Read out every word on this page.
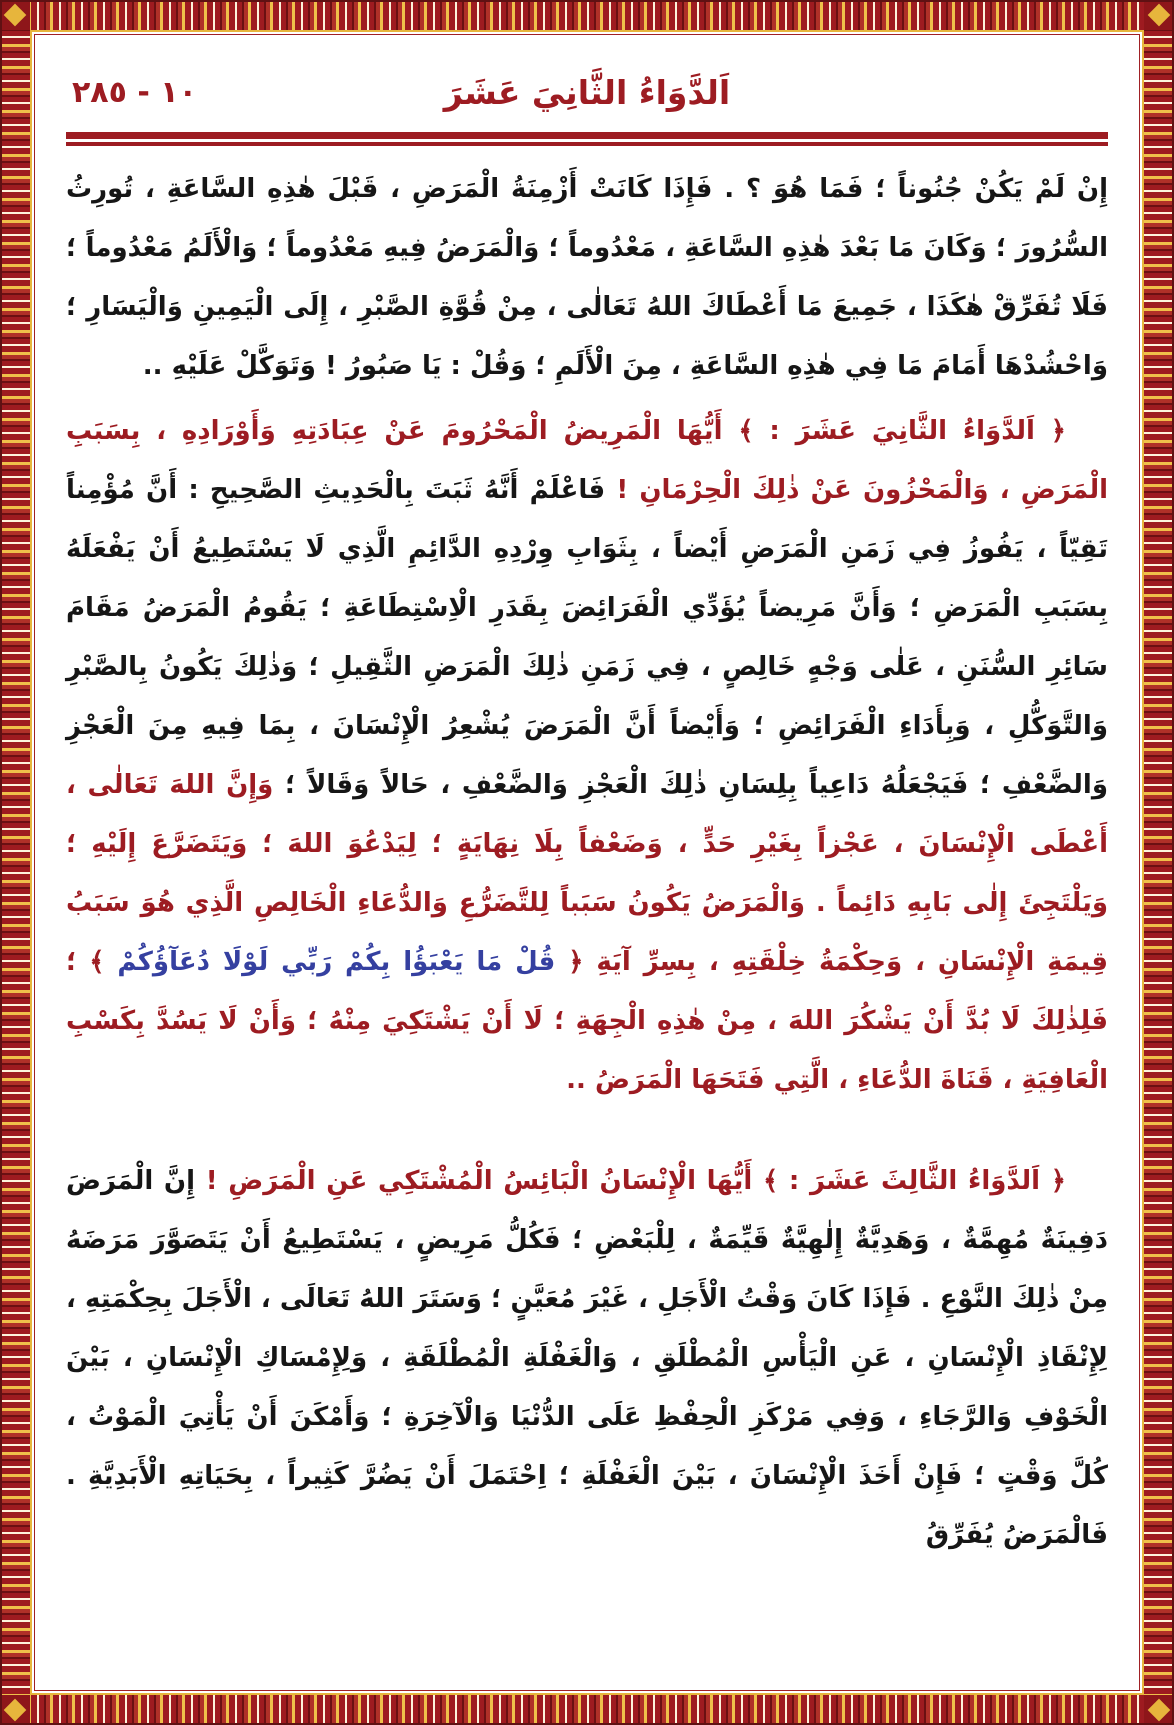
١٠ - ٢٨٥	اَلدَّوَاءُ الثَّانِيَ عَشَرَ

إِنْ لَمْ يَكُنْ جُنُوناً ؛ فَمَا هُوَ ؟ . فَإِذَا كَانَتْ أَزْمِنَةُ الْمَرَضِ ، قَبْلَ هٰذِهِ السَّاعَةِ ، تُورِثُ السُّرُورَ ؛ وَكَانَ مَا بَعْدَ هٰذِهِ السَّاعَةِ ، مَعْدُوماً ؛ وَالْمَرَضُ فِيهِ مَعْدُوماً ؛ وَالْأَلَمُ مَعْدُوماً ؛ فَلَا تُفَرِّقْ هٰكَذَا ، جَمِيعَ مَا أَعْطَاكَ اللهُ تَعَالٰى ، مِنْ قُوَّةِ الصَّبْرِ ، إِلَى الْيَمِينِ وَالْيَسَارِ ؛ وَاحْشُدْهَا أَمَامَ مَا فِي هٰذِهِ السَّاعَةِ ، مِنَ الْأَلَمِ ؛ وَقُلْ : يَا صَبُورُ ! وَتَوَكَّلْ عَلَيْهِ ..

﴿ اَلدَّوَاءُ الثَّانِيَ عَشَرَ : ﴾ أَيُّهَا الْمَرِيضُ الْمَحْرُومَ عَنْ عِبَادَتِهِ وَأَوْرَادِهِ ، بِسَبَبِ الْمَرَضِ ، وَالْمَحْزُونَ عَنْ ذٰلِكَ الْحِرْمَانِ ! فَاعْلَمْ أَنَّهُ ثَبَتَ بِالْحَدِيثِ الصَّحِيحِ : أَنَّ مُؤْمِناً تَقِيّاً ، يَفُوزُ فِي زَمَنِ الْمَرَضِ أَيْضاً ، بِثَوَابِ وِرْدِهِ الدَّائِمِ الَّذِي لَا يَسْتَطِيعُ أَنْ يَفْعَلَهُ بِسَبَبِ الْمَرَضِ ؛ وَأَنَّ مَرِيضاً يُؤَدِّي الْفَرَائِضَ بِقَدَرِ الْاِسْتِطَاعَةِ ؛ يَقُومُ الْمَرَضُ مَقَامَ سَائِرِ السُّنَنِ ، عَلٰى وَجْهٍ خَالِصٍ ، فِي زَمَنِ ذٰلِكَ الْمَرَضِ الثَّقِيلِ ؛ وَذٰلِكَ يَكُونُ بِالصَّبْرِ وَالتَّوَكُّلِ ، وَبِأَدَاءِ الْفَرَائِضِ ؛ وَأَيْضاً أَنَّ الْمَرَضَ يُشْعِرُ الْإِنْسَانَ ، بِمَا فِيهِ مِنَ الْعَجْزِ وَالضَّعْفِ ؛ فَيَجْعَلُهُ دَاعِياً بِلِسَانِ ذٰلِكَ الْعَجْزِ وَالضَّعْفِ ، حَالاً وَقَالاً ؛ وَإِنَّ اللهَ تَعَالٰى ، أَعْطَى الْإِنْسَانَ ، عَجْزاً بِغَيْرِ حَدٍّ ، وَضَعْفاً بِلَا نِهَايَةٍ ؛ لِيَدْعُوَ اللهَ ؛ وَيَتَضَرَّعَ إِلَيْهِ ؛ وَيَلْتَجِئَ إِلٰى بَابِهِ دَائِماً . وَالْمَرَضُ يَكُونُ سَبَباً لِلتَّضَرُّعِ وَالدُّعَاءِ الْخَالِصِ الَّذِي هُوَ سَبَبُ قِيمَةِ الْإِنْسَانِ ، وَحِكْمَةُ خِلْقَتِهِ ، بِسِرِّ آيَةِ ﴿ قُلْ مَا يَعْبَؤُا بِكُمْ رَبِّي لَوْلَا دُعَآؤُكُمْ ﴾ ؛ فَلِذٰلِكَ لَا بُدَّ أَنْ يَشْكُرَ اللهَ ، مِنْ هٰذِهِ الْجِهَةِ ؛ لَا أَنْ يَشْتَكِيَ مِنْهُ ؛ وَأَنْ لَا يَسُدَّ بِكَسْبِ الْعَافِيَةِ ، قَنَاةَ الدُّعَاءِ ، الَّتِي فَتَحَهَا الْمَرَضُ ..

﴿ اَلدَّوَاءُ الثَّالِثَ عَشَرَ : ﴾ أَيُّهَا الْإِنْسَانُ الْبَائِسُ الْمُشْتَكِي عَنِ الْمَرَضِ ! إِنَّ الْمَرَضَ دَفِينَةٌ مُهِمَّةٌ ، وَهَدِيَّةٌ إِلٰهِيَّةٌ قَيِّمَةٌ ، لِلْبَعْضِ ؛ فَكُلُّ مَرِيضٍ ، يَسْتَطِيعُ أَنْ يَتَصَوَّرَ مَرَضَهُ مِنْ ذٰلِكَ النَّوْعِ . فَإِذَا كَانَ وَقْتُ الْأَجَلِ ، غَيْرَ مُعَيَّنٍ ؛ وَسَتَرَ اللهُ تَعَالَى ، الْأَجَلَ بِحِكْمَتِهِ ، لِإِنْقَاذِ الْإِنْسَانِ ، عَنِ الْيَأْسِ الْمُطْلَقِ ، وَالْغَفْلَةِ الْمُطْلَقَةِ ، وَلِإِمْسَاكِ الْإِنْسَانِ ، بَيْنَ الْخَوْفِ وَالرَّجَاءِ ، وَفِي مَرْكَزِ الْحِفْظِ عَلَى الدُّنْيَا وَالْآخِرَةِ ؛ وَأَمْكَنَ أَنْ يَأْتِيَ الْمَوْتُ ، كُلَّ وَقْتٍ ؛ فَإِنْ أَخَذَ الْإِنْسَانَ ، بَيْنَ الْغَفْلَةِ ؛ اِحْتَمَلَ أَنْ يَضُرَّ كَثِيراً ، بِحَيَاتِهِ الْأَبَدِيَّةِ . فَالْمَرَضُ يُفَرِّقُ
